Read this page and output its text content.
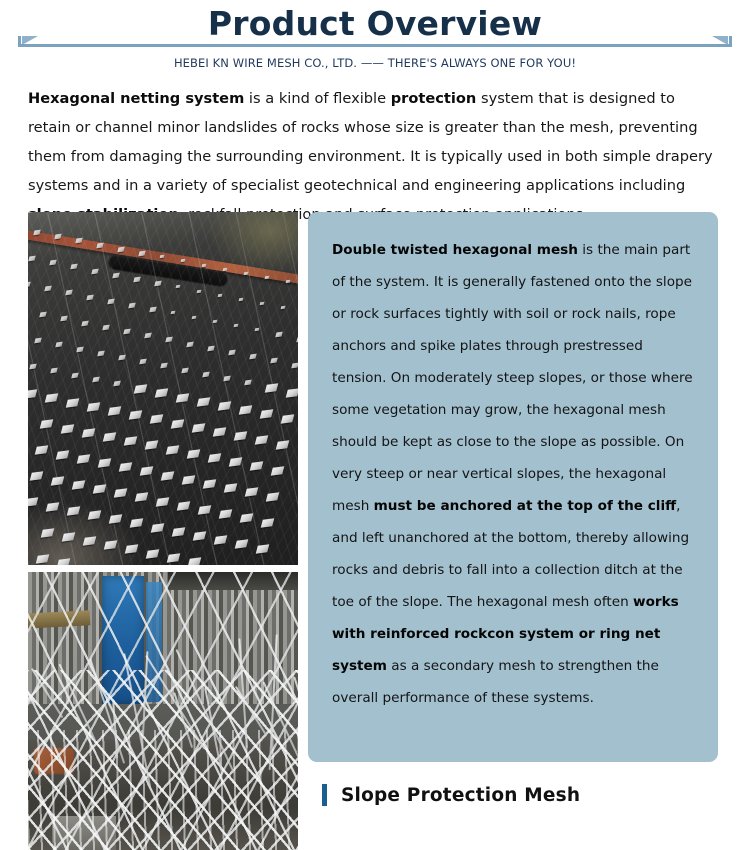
Product Overview
HEBEI KN WIRE MESH CO., LTD. —— THERE'S ALWAYS ONE FOR YOU!
Hexagonal netting system is a kind of flexible protection system that is designed to retain or channel minor landslides of rocks whose size is greater than the mesh, preventing them from damaging the surrounding environment. It is typically used in both simple drapery systems and in a variety of specialist geotechnical and engineering applications including
Double twisted hexagonal mesh is the main part of the system. It is generally fastened onto the slope or rock surfaces tightly with soil or rock nails, rope anchors and spike plates through prestressed tension. On moderately steep slopes, or those where some vegetation may grow, the hexagonal mesh should be kept as close to the slope as possible. On very steep or near vertical slopes, the hexagonal mesh must be anchored at the top of the cliff, and left unanchored at the bottom, thereby allowing rocks and debris to fall into a collection ditch at the toe of the slope. The hexagonal mesh often works with reinforced rockcon system or ring net system as a secondary mesh to strengthen the overall performance of these systems.
Slope Protection Mesh
